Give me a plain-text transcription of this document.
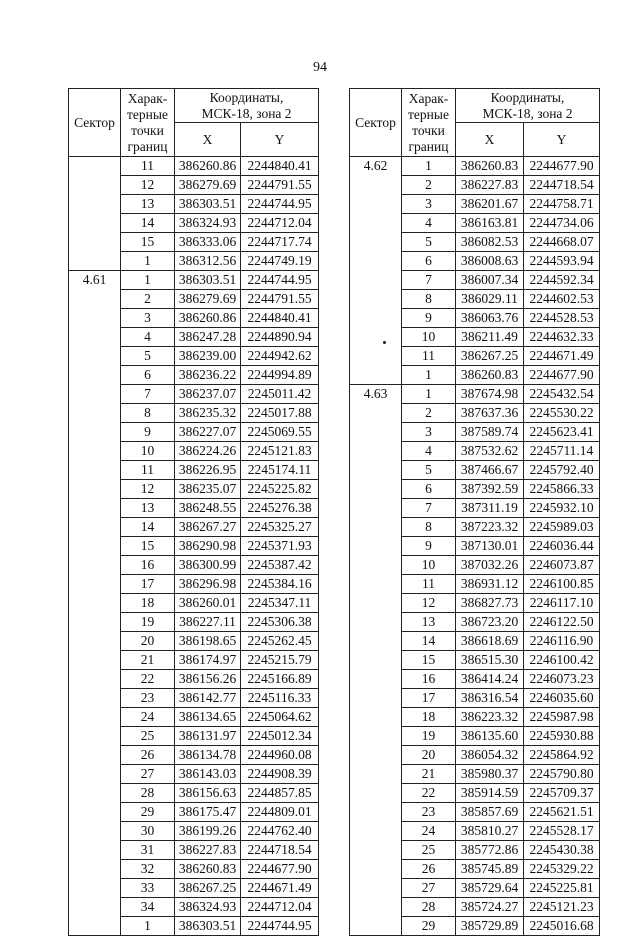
94
Сектор	Харак-
терные
точки
границ	Координаты,
МСК-18, зона 2	
		X	Y
	11	386260.86	2244840.41
	12	386279.69	2244791.55
	13	386303.51	2244744.95
	14	386324.93	2244712.04
	15	386333.06	2244717.74
	1	386312.56	2244749.19
4.61	1	386303.51	2244744.95
	2	386279.69	2244791.55
	3	386260.86	2244840.41
	4	386247.28	2244890.94
	5	386239.00	2244942.62
	6	386236.22	2244994.89
	7	386237.07	2245011.42
	8	386235.32	2245017.88
	9	386227.07	2245069.55
	10	386224.26	2245121.83
	11	386226.95	2245174.11
	12	386235.07	2245225.82
	13	386248.55	2245276.38
	14	386267.27	2245325.27
	15	386290.98	2245371.93
	16	386300.99	2245387.42
	17	386296.98	2245384.16
	18	386260.01	2245347.11
	19	386227.11	2245306.38
	20	386198.65	2245262.45
	21	386174.97	2245215.79
	22	386156.26	2245166.89
	23	386142.77	2245116.33
	24	386134.65	2245064.62
	25	386131.97	2245012.34
	26	386134.78	2244960.08
	27	386143.03	2244908.39
	28	386156.63	2244857.85
	29	386175.47	2244809.01
	30	386199.26	2244762.40
	31	386227.83	2244718.54
	32	386260.83	2244677.90
	33	386267.25	2244671.49
	34	386324.93	2244712.04
	1	386303.51	2244744.95
Сектор	Харак-
терные
точки
границ	Координаты,
МСК-18, зона 2	
		X	Y
4.62	1	386260.83	2244677.90
	2	386227.83	2244718.54
	3	386201.67	2244758.71
	4	386163.81	2244734.06
	5	386082.53	2244668.07
	6	386008.63	2244593.94
	7	386007.34	2244592.34
	8	386029.11	2244602.53
	9	386063.76	2244528.53
	10	386211.49	2244632.33
	11	386267.25	2244671.49
	1	386260.83	2244677.90
4.63	1	387674.98	2245432.54
	2	387637.36	2245530.22
	3	387589.74	2245623.41
	4	387532.62	2245711.14
	5	387466.67	2245792.40
	6	387392.59	2245866.33
	7	387311.19	2245932.10
	8	387223.32	2245989.03
	9	387130.01	2246036.44
	10	387032.26	2246073.87
	11	386931.12	2246100.85
	12	386827.73	2246117.10
	13	386723.20	2246122.50
	14	386618.69	2246116.90
	15	386515.30	2246100.42
	16	386414.24	2246073.23
	17	386316.54	2246035.60
	18	386223.32	2245987.98
	19	386135.60	2245930.88
	20	386054.32	2245864.92
	21	385980.37	2245790.80
	22	385914.59	2245709.37
	23	385857.69	2245621.51
	24	385810.27	2245528.17
	25	385772.86	2245430.38
	26	385745.89	2245329.22
	27	385729.64	2245225.81
	28	385724.27	2245121.23
	29	385729.89	2245016.68
